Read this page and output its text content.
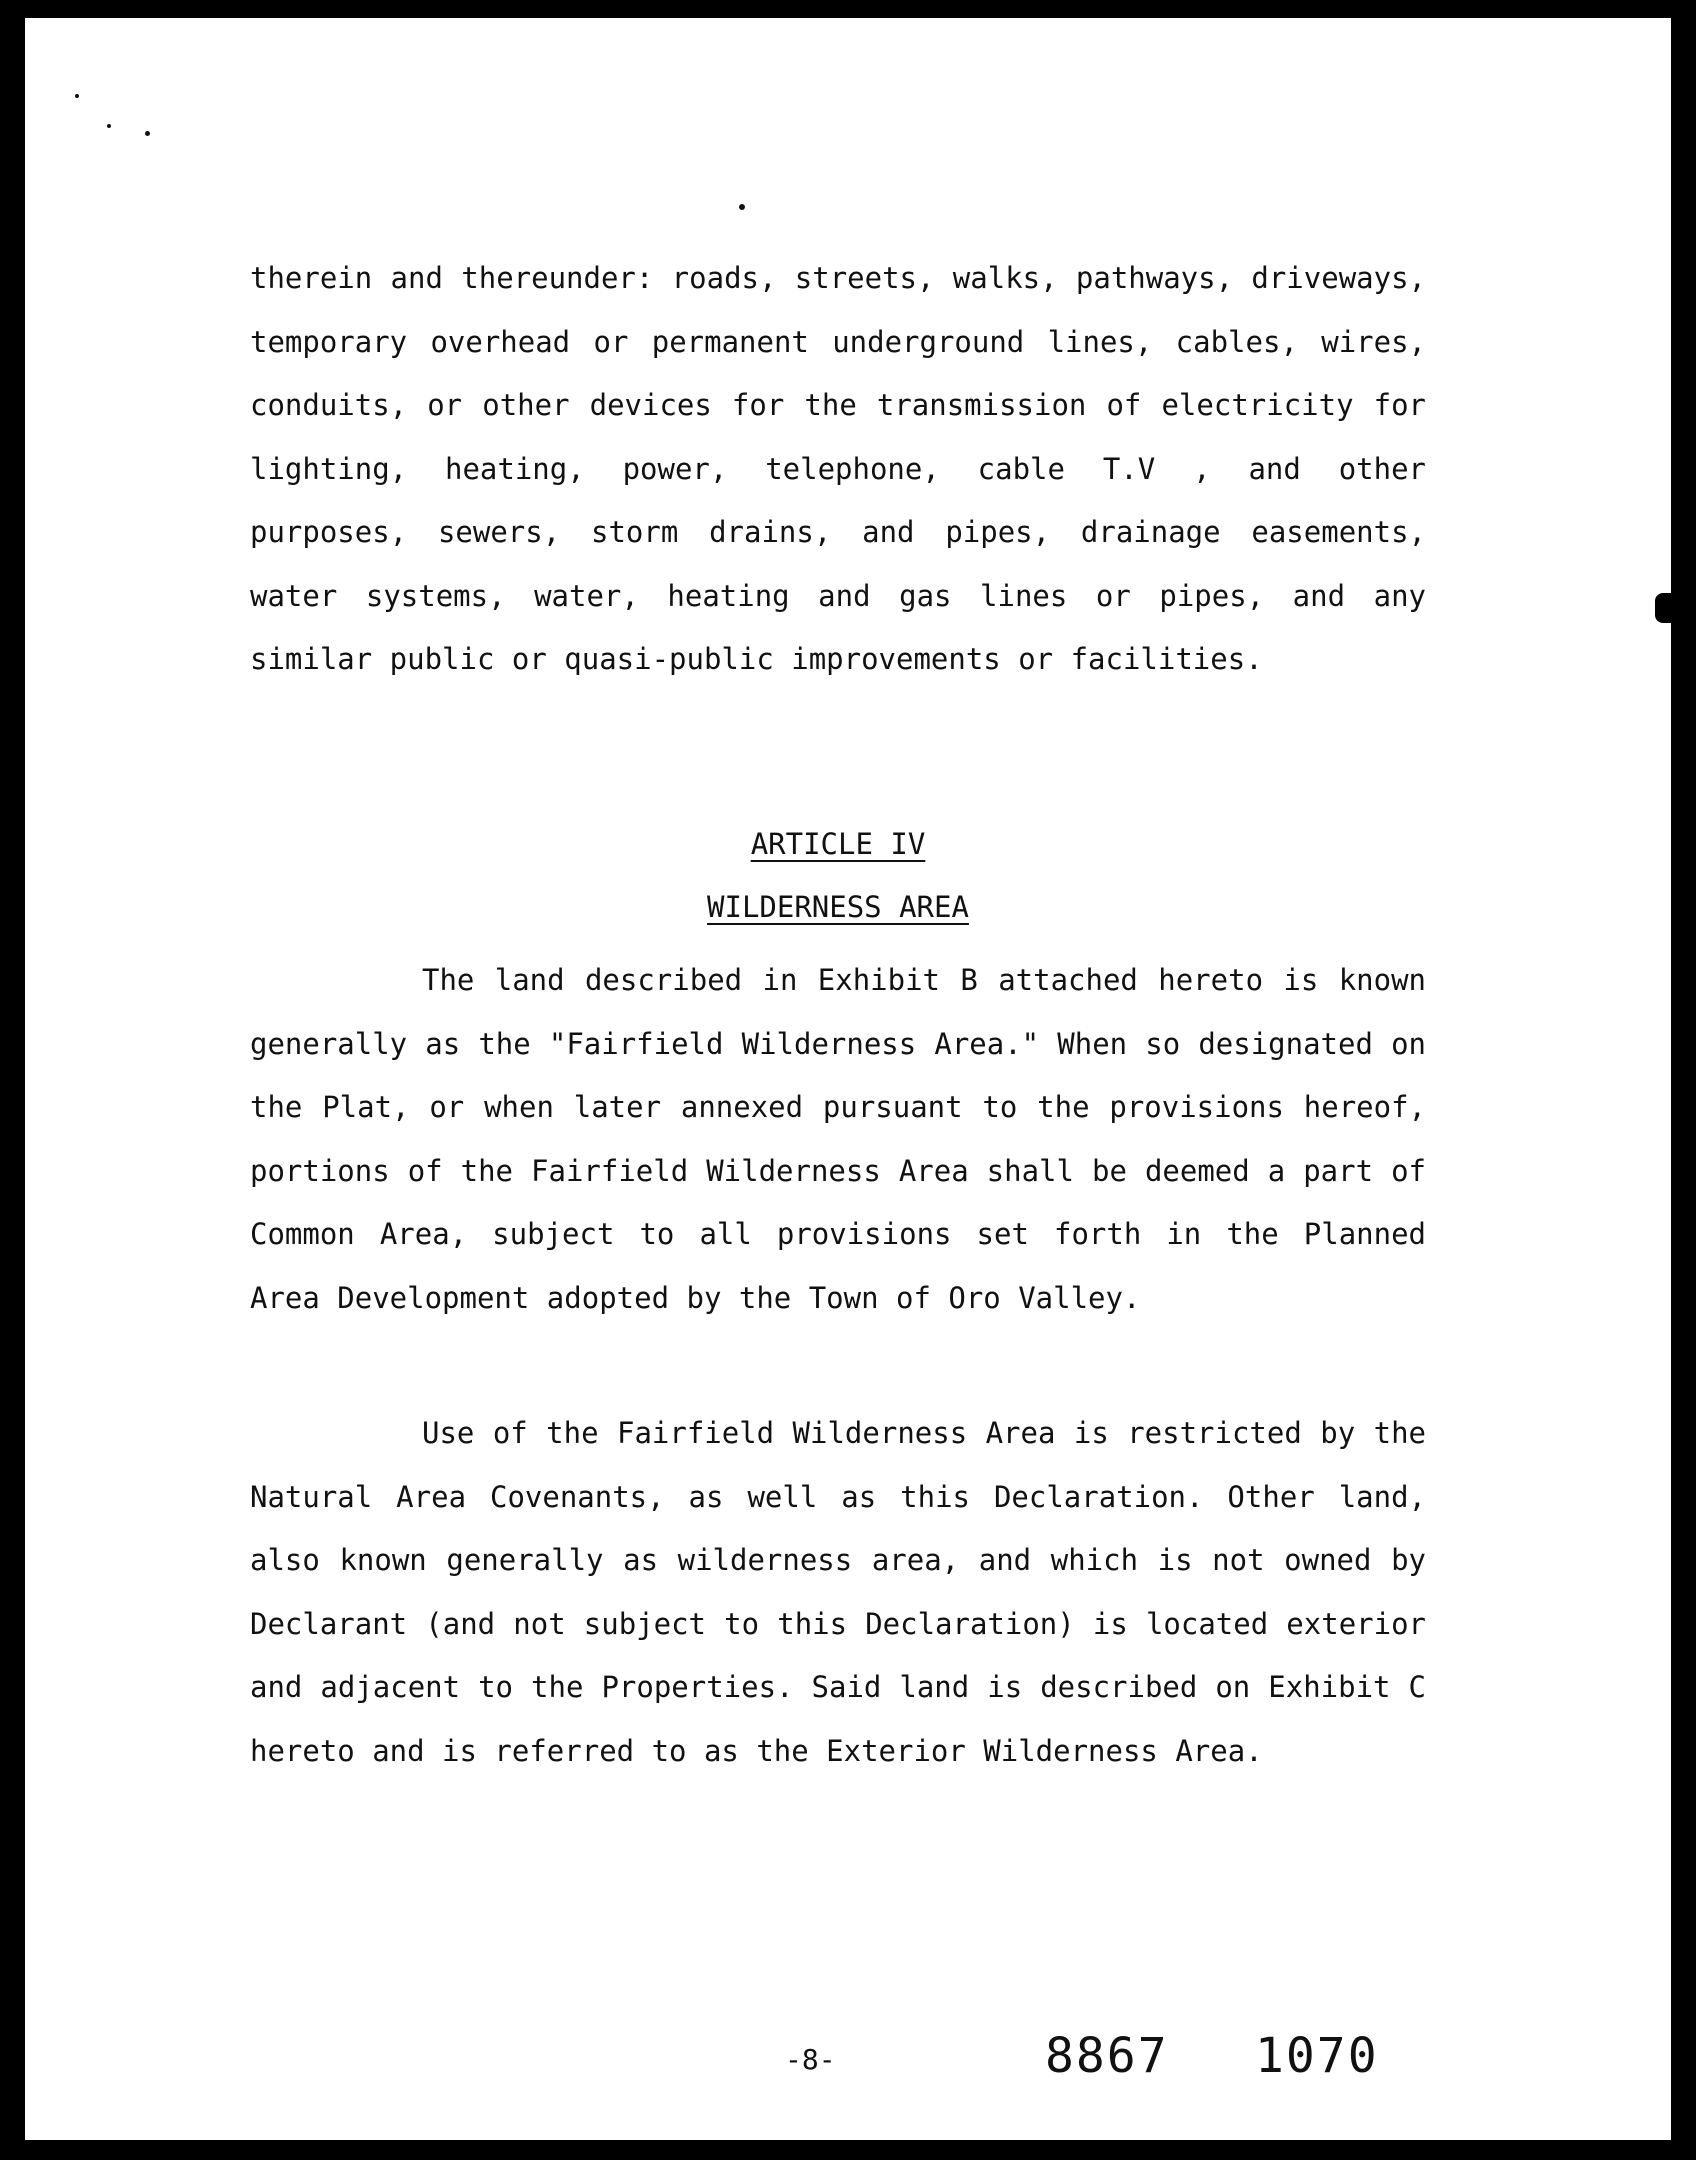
therein and thereunder: roads, streets, walks, pathways, driveways, temporary overhead or permanent underground lines, cables, wires, conduits, or other devices for the transmission of electricity for lighting, heating, power, telephone, cable T.V , and other purposes, sewers, storm drains, and pipes, drainage easements, water systems, water, heating and gas lines or pipes, and any similar public or quasi-public improvements or facilities.

ARTICLE IV

WILDERNESS AREA

The land described in Exhibit B attached hereto is known generally as the "Fairfield Wilderness Area." When so designated on the Plat, or when later annexed pursuant to the provisions hereof, portions of the Fairfield Wilderness Area shall be deemed a part of Common Area, subject to all provisions set forth in the Planned Area Development adopted by the Town of Oro Valley.

Use of the Fairfield Wilderness Area is restricted by the Natural Area Covenants, as well as this Declaration. Other land, also known generally as wilderness area, and which is not owned by Declarant (and not subject to this Declaration) is located exterior and adjacent to the Properties. Said land is described on Exhibit C hereto and is referred to as the Exterior Wilderness Area.

-8-	8867 1070
